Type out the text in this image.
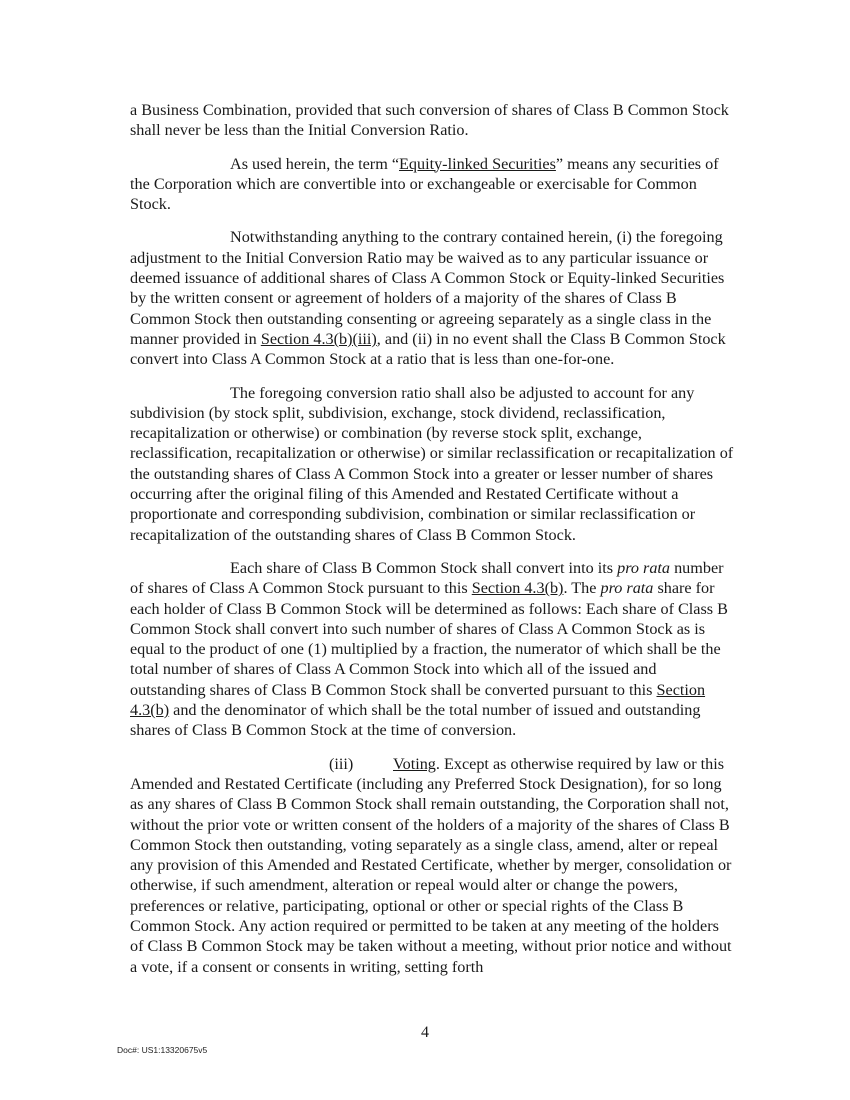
a Business Combination, provided that such conversion of shares of Class B Common Stock shall never be less than the Initial Conversion Ratio.

As used herein, the term “Equity-linked Securities” means any securities of the Corporation which are convertible into or exchangeable or exercisable for Common Stock.

Notwithstanding anything to the contrary contained herein, (i) the foregoing adjustment to the Initial Conversion Ratio may be waived as to any particular issuance or deemed issuance of additional shares of Class A Common Stock or Equity-linked Securities by the written consent or agreement of holders of a majority of the shares of Class B Common Stock then outstanding consenting or agreeing separately as a single class in the manner provided in Section 4.3(b)(iii), and (ii) in no event shall the Class B Common Stock convert into Class A Common Stock at a ratio that is less than one-for-one.

The foregoing conversion ratio shall also be adjusted to account for any subdivision (by stock split, subdivision, exchange, stock dividend, reclassification, recapitalization or otherwise) or combination (by reverse stock split, exchange, reclassification, recapitalization or otherwise) or similar reclassification or recapitalization of the outstanding shares of Class A Common Stock into a greater or lesser number of shares occurring after the original filing of this Amended and Restated Certificate without a proportionate and corresponding subdivision, combination or similar reclassification or recapitalization of the outstanding shares of Class B Common Stock.

Each share of Class B Common Stock shall convert into its pro rata number of shares of Class A Common Stock pursuant to this Section 4.3(b). The pro rata share for each holder of Class B Common Stock will be determined as follows: Each share of Class B Common Stock shall convert into such number of shares of Class A Common Stock as is equal to the product of one (1) multiplied by a fraction, the numerator of which shall be the total number of shares of Class A Common Stock into which all of the issued and outstanding shares of Class B Common Stock shall be converted pursuant to this Section 4.3(b) and the denominator of which shall be the total number of issued and outstanding shares of Class B Common Stock at the time of conversion.

(iii) Voting. Except as otherwise required by law or this Amended and Restated Certificate (including any Preferred Stock Designation), for so long as any shares of Class B Common Stock shall remain outstanding, the Corporation shall not, without the prior vote or written consent of the holders of a majority of the shares of Class B Common Stock then outstanding, voting separately as a single class, amend, alter or repeal any provision of this Amended and Restated Certificate, whether by merger, consolidation or otherwise, if such amendment, alteration or repeal would alter or change the powers, preferences or relative, participating, optional or other or special rights of the Class B Common Stock. Any action required or permitted to be taken at any meeting of the holders of Class B Common Stock may be taken without a meeting, without prior notice and without a vote, if a consent or consents in writing, setting forth

4
Doc#: US1:13320675v5
